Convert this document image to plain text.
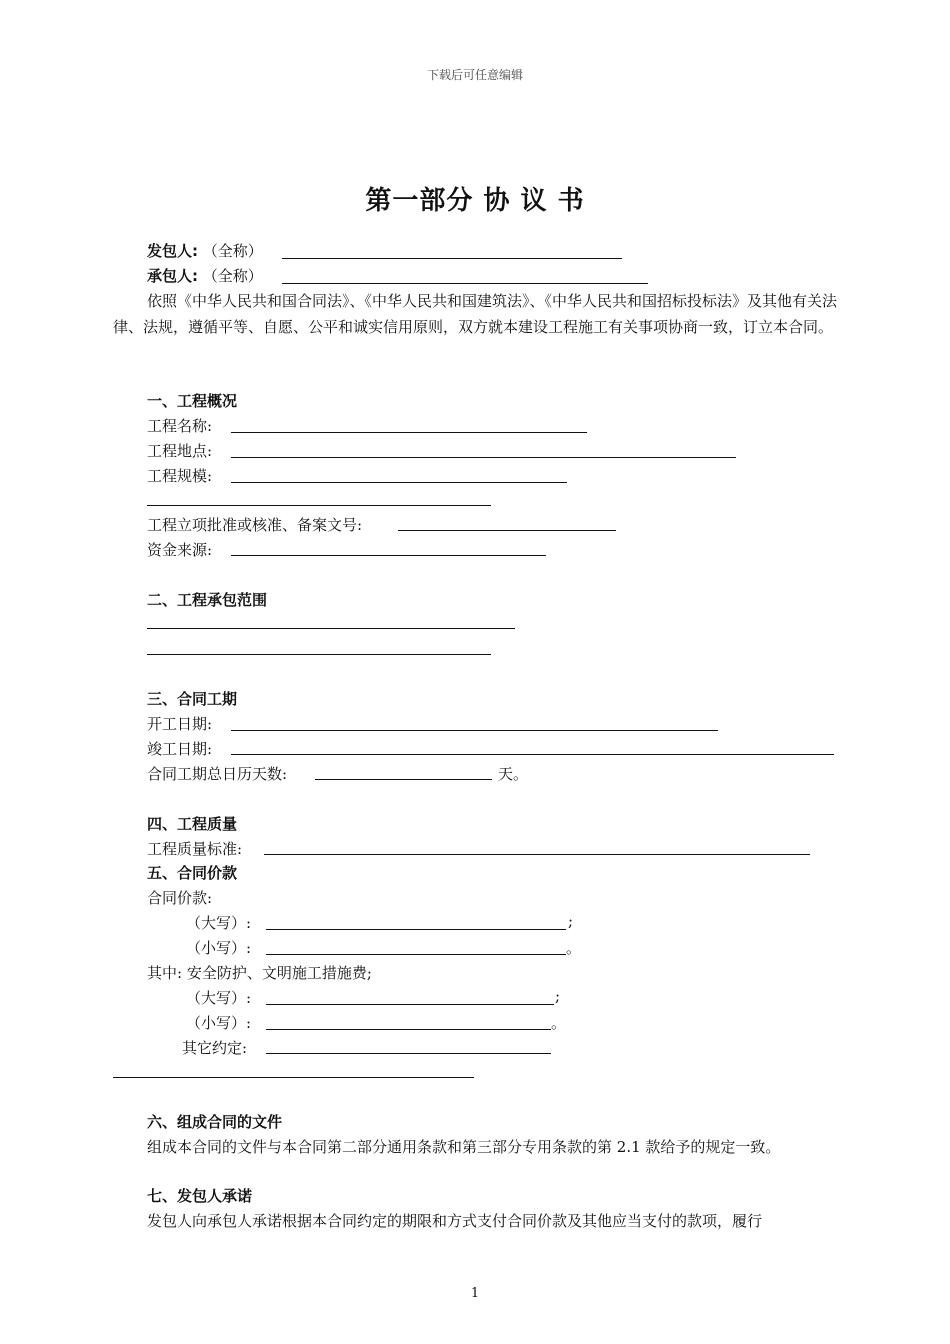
下载后可任意编辑
第一部分 协 议 书
发包人: （全称）
承包人: （全称）
依照《中华人民共和国合同法》、《中华人民共和国建筑法》、《中华人民共和国招标投标法》及其他有关法律、法规，遵循平等、自愿、公平和诚实信用原则，双方就本建设工程施工有关事项协商一致，订立本合同。
一、工程概况
工程名称:
工程地点:
工程规模:
工程立项批准或核准、备案文号:
资金来源:
二、工程承包范围
三、合同工期
开工日期:
竣工日期:
合同工期总日历天数:	天。
四、工程质量
工程质量标准:
五、合同价款
合同价款:
（大写）:	;
（小写）:	。
其中: 安全防护、文明施工措施费;
（大写）:	;
（小写）:	。
其它约定:
六、组成合同的文件
组成本合同的文件与本合同第二部分通用条款和第三部分专用条款的第 2.1 款给予的规定一致。
七、发包人承诺
发包人向承包人承诺根据本合同约定的期限和方式支付合同价款及其他应当支付的款项，履行
1
